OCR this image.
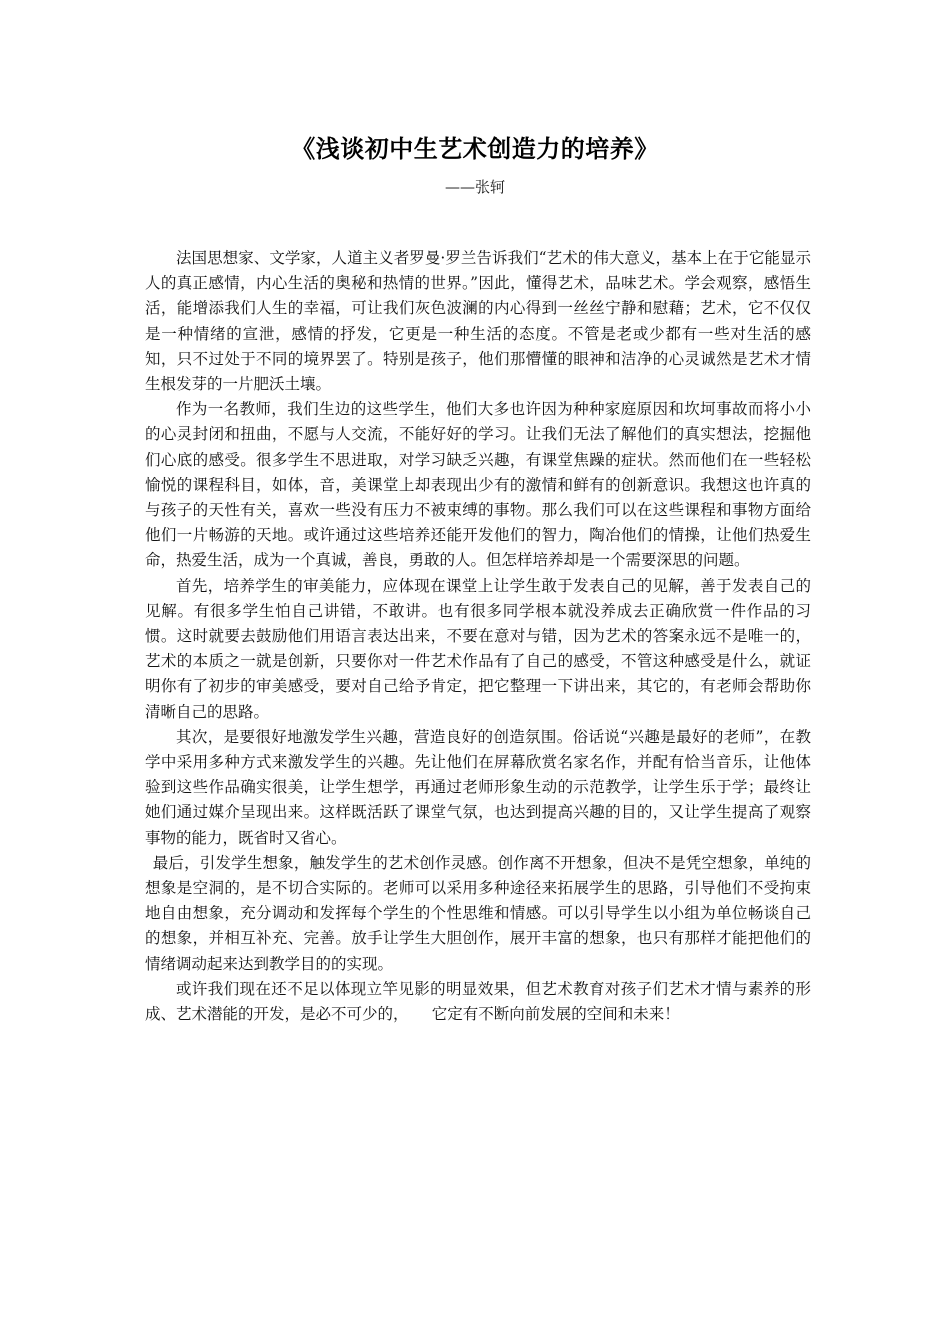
《浅谈初中生艺术创造力的培养》
——张轲

法国思想家、文学家，人道主义者罗曼·罗兰告诉我们“艺术的伟大意义，基本上在于它能显示人的真正感情，内心生活的奥秘和热情的世界。”因此，懂得艺术，品味艺术。学会观察，感悟生活，能增添我们人生的幸福，可让我们灰色波澜的内心得到一丝丝宁静和慰藉；艺术，它不仅仅是一种情绪的宣泄，感情的抒发，它更是一种生活的态度。不管是老或少都有一些对生活的感知，只不过处于不同的境界罢了。特别是孩子，他们那懵懂的眼神和洁净的心灵诚然是艺术才情生根发芽的一片肥沃土壤。

作为一名教师，我们生边的这些学生，他们大多也许因为种种家庭原因和坎坷事故而将小小的心灵封闭和扭曲，不愿与人交流，不能好好的学习。让我们无法了解他们的真实想法，挖掘他们心底的感受。很多学生不思进取，对学习缺乏兴趣，有课堂焦躁的症状。然而他们在一些轻松愉悦的课程科目，如体，音，美课堂上却表现出少有的激情和鲜有的创新意识。我想这也许真的与孩子的天性有关，喜欢一些没有压力不被束缚的事物。那么我们可以在这些课程和事物方面给他们一片畅游的天地。或许通过这些培养还能开发他们的智力，陶冶他们的情操，让他们热爱生命，热爱生活，成为一个真诚，善良，勇敢的人。但怎样培养却是一个需要深思的问题。

首先，培养学生的审美能力，应体现在课堂上让学生敢于发表自己的见解，善于发表自己的见解。有很多学生怕自己讲错，不敢讲。也有很多同学根本就没养成去正确欣赏一件作品的习惯。这时就要去鼓励他们用语言表达出来，不要在意对与错，因为艺术的答案永远不是唯一的，艺术的本质之一就是创新，只要你对一件艺术作品有了自己的感受，不管这种感受是什么，就证明你有了初步的审美感受，要对自己给予肯定，把它整理一下讲出来，其它的，有老师会帮助你清晰自己的思路。

其次，是要很好地激发学生兴趣，营造良好的创造氛围。俗话说“兴趣是最好的老师”，在教学中采用多种方式来激发学生的兴趣。先让他们在屏幕欣赏名家名作，并配有恰当音乐，让他体验到这些作品确实很美，让学生想学，再通过老师形象生动的示范教学，让学生乐于学；最终让她们通过媒介呈现出来。这样既活跃了课堂气氛，也达到提高兴趣的目的，又让学生提高了观察事物的能力，既省时又省心。

最后，引发学生想象，触发学生的艺术创作灵感。创作离不开想象，但决不是凭空想象，单纯的想象是空洞的，是不切合实际的。老师可以采用多种途径来拓展学生的思路，引导他们不受拘束地自由想象，充分调动和发挥每个学生的个性思维和情感。可以引导学生以小组为单位畅谈自己的想象，并相互补充、完善。放手让学生大胆创作，展开丰富的想象，也只有那样才能把他们的情绪调动起来达到教学目的的实现。

或许我们现在还不足以体现立竿见影的明显效果，但艺术教育对孩子们艺术才情与素养的形成、艺术潜能的开发，是必不可少的，　　它定有不断向前发展的空间和未来！
